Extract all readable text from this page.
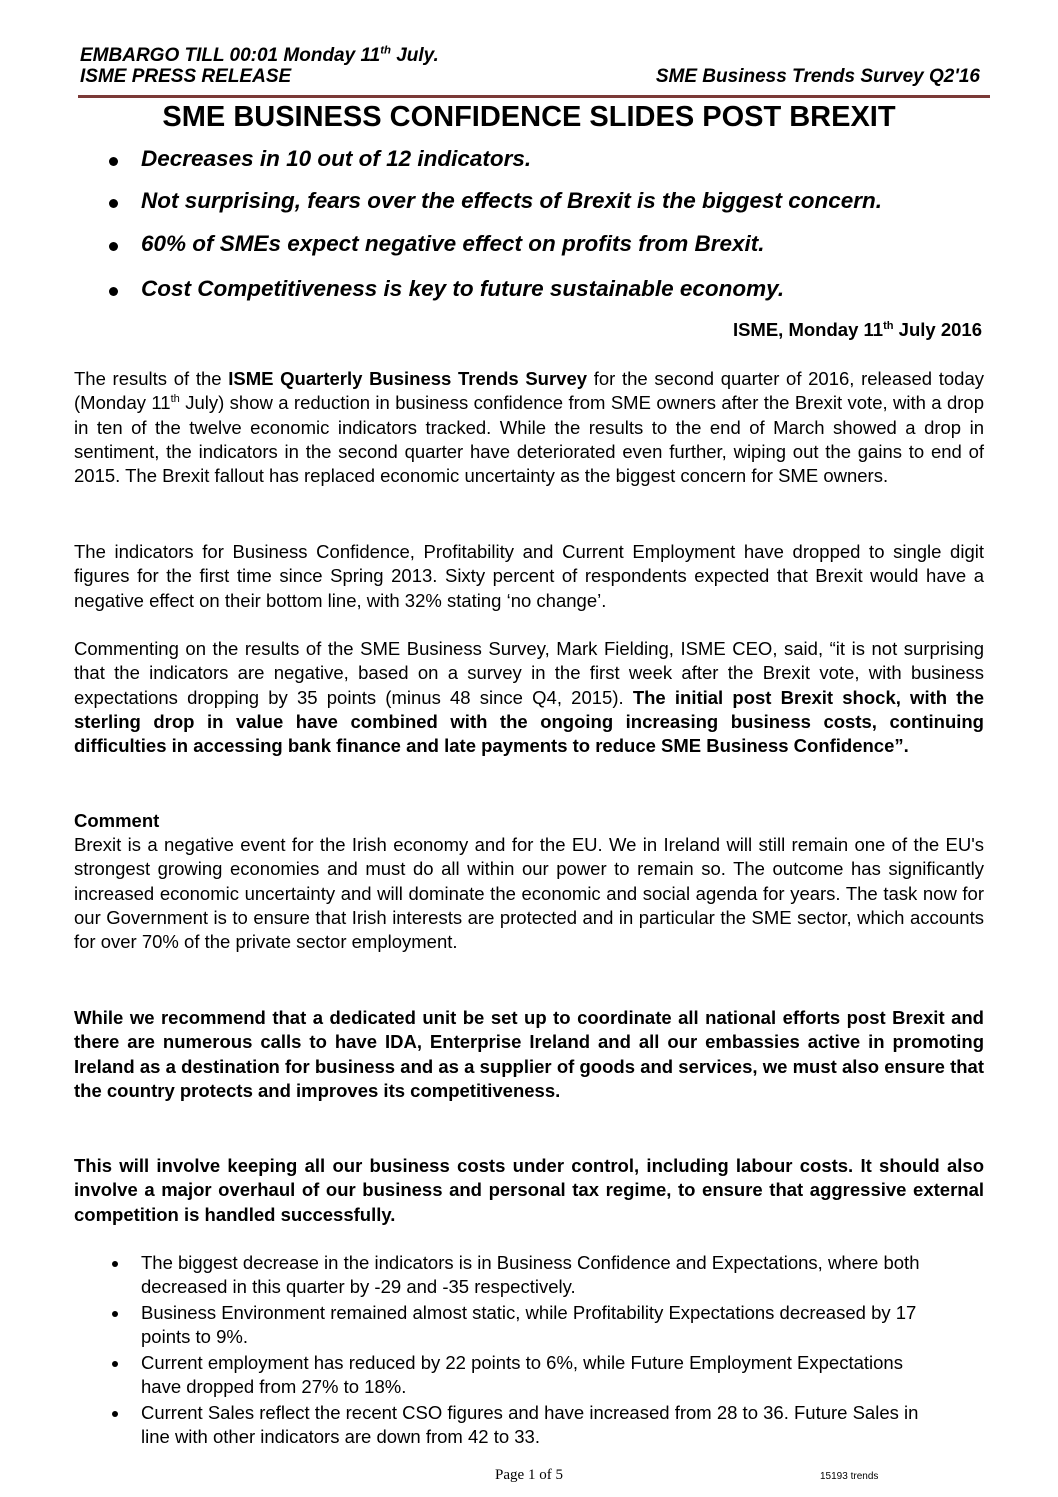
EMBARGO TILL 00:01 Monday 11th July.
ISME PRESS RELEASE	SME Business Trends Survey Q2'16
SME BUSINESS CONFIDENCE SLIDES POST BREXIT
Decreases in 10 out of 12 indicators.
Not surprising, fears over the effects of Brexit is the biggest concern.
60% of SMEs expect negative effect on profits from Brexit.
Cost Competitiveness is key to future sustainable economy.
ISME, Monday 11th July 2016
The results of the ISME Quarterly Business Trends Survey for the second quarter of 2016, released today (Monday 11th July) show a reduction in business confidence from SME owners after the Brexit vote, with a drop in ten of the twelve economic indicators tracked. While the results to the end of March showed a drop in sentiment, the indicators in the second quarter have deteriorated even further, wiping out the gains to end of 2015. The Brexit fallout has replaced economic uncertainty as the biggest concern for SME owners.
The indicators for Business Confidence, Profitability and Current Employment have dropped to single digit figures for the first time since Spring 2013. Sixty percent of respondents expected that Brexit would have a negative effect on their bottom line, with 32% stating ‘no change’.
Commenting on the results of the SME Business Survey, Mark Fielding, ISME CEO, said, “it is not surprising that the indicators are negative, based on a survey in the first week after the Brexit vote, with business expectations dropping by 35 points (minus 48 since Q4, 2015). The initial post Brexit shock, with the sterling drop in value have combined with the ongoing increasing business costs, continuing difficulties in accessing bank finance and late payments to reduce SME Business Confidence”.
Comment
Brexit is a negative event for the Irish economy and for the EU. We in Ireland will still remain one of the EU's strongest growing economies and must do all within our power to remain so. The outcome has significantly increased economic uncertainty and will dominate the economic and social agenda for years. The task now for our Government is to ensure that Irish interests are protected and in particular the SME sector, which accounts for over 70% of the private sector employment.
While we recommend that a dedicated unit be set up to coordinate all national efforts post Brexit and there are numerous calls to have IDA, Enterprise Ireland and all our embassies active in promoting Ireland as a destination for business and as a supplier of goods and services, we must also ensure that the country protects and improves its competitiveness.
This will involve keeping all our business costs under control, including labour costs. It should also involve a major overhaul of our business and personal tax regime, to ensure that aggressive external competition is handled successfully.
The biggest decrease in the indicators is in Business Confidence and Expectations, where both decreased in this quarter by -29 and -35 respectively.
Business Environment remained almost static, while Profitability Expectations decreased by 17 points to 9%.
Current employment has reduced by 22 points to 6%, while Future Employment Expectations have dropped from 27% to 18%.
Current Sales reflect the recent CSO figures and have increased from 28 to 36. Future Sales in line with other indicators are down from 42 to 33.
Page 1 of 5	15193 trends
